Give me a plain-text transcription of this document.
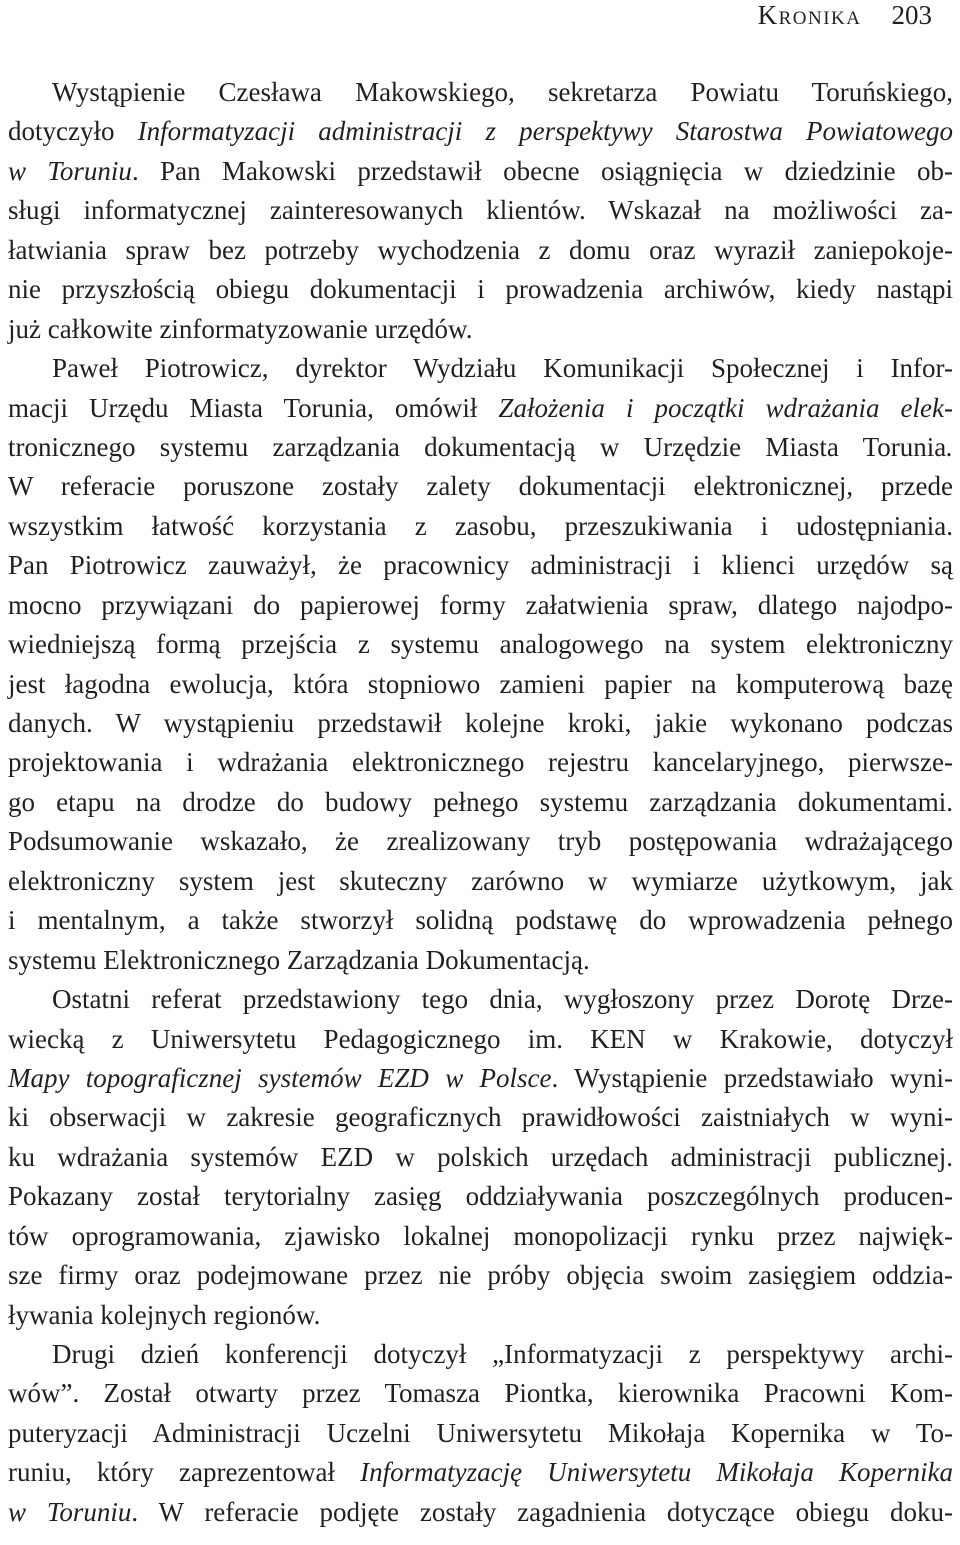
Kronika 203
Wystąpienie Czesława Makowskiego, sekretarza Powiatu Toruńskiego,
dotyczyło Informatyzacji administracji z perspektywy Starostwa Powiatowego
w Toruniu. Pan Makowski przedstawił obecne osiągnięcia w dziedzinie ob-
sługi informatycznej zainteresowanych klientów. Wskazał na możliwości za-
łatwiania spraw bez potrzeby wychodzenia z domu oraz wyraził zaniepokoje-
nie przyszłością obiegu dokumentacji i prowadzenia archiwów, kiedy nastąpi
już całkowite zinformatyzowanie urzędów.
Paweł Piotrowicz, dyrektor Wydziału Komunikacji Społecznej i Infor-
macji Urzędu Miasta Torunia, omówił Założenia i początki wdrażania elek-
tronicznego systemu zarządzania dokumentacją w Urzędzie Miasta Torunia.
W referacie poruszone zostały zalety dokumentacji elektronicznej, przede
wszystkim łatwość korzystania z zasobu, przeszukiwania i udostępniania.
Pan Piotrowicz zauważył, że pracownicy administracji i klienci urzędów są
mocno przywiązani do papierowej formy załatwienia spraw, dlatego najodpo-
wiedniejszą formą przejścia z systemu analogowego na system elektroniczny
jest łagodna ewolucja, która stopniowo zamieni papier na komputerową bazę
danych. W wystąpieniu przedstawił kolejne kroki, jakie wykonano podczas
projektowania i wdrażania elektronicznego rejestru kancelaryjnego, pierwsze-
go etapu na drodze do budowy pełnego systemu zarządzania dokumentami.
Podsumowanie wskazało, że zrealizowany tryb postępowania wdrażającego
elektroniczny system jest skuteczny zarówno w wymiarze użytkowym, jak
i mentalnym, a także stworzył solidną podstawę do wprowadzenia pełnego
systemu Elektronicznego Zarządzania Dokumentacją.
Ostatni referat przedstawiony tego dnia, wygłoszony przez Dorotę Drze-
wiecką z Uniwersytetu Pedagogicznego im. KEN w Krakowie, dotyczył
Mapy topograficznej systemów EZD w Polsce. Wystąpienie przedstawiało wyni-
ki obserwacji w zakresie geograficznych prawidłowości zaistniałych w wyni-
ku wdrażania systemów EZD w polskich urzędach administracji publicznej.
Pokazany został terytorialny zasięg oddziaływania poszczególnych producen-
tów oprogramowania, zjawisko lokalnej monopolizacji rynku przez najwięk-
sze firmy oraz podejmowane przez nie próby objęcia swoim zasięgiem oddzia-
ływania kolejnych regionów.
Drugi dzień konferencji dotyczył „Informatyzacji z perspektywy archi-
wów”. Został otwarty przez Tomasza Piontka, kierownika Pracowni Kom-
puteryzacji Administracji Uczelni Uniwersytetu Mikołaja Kopernika w To-
runiu, który zaprezentował Informatyzację Uniwersytetu Mikołaja Kopernika
w Toruniu. W referacie podjęte zostały zagadnienia dotyczące obiegu doku-
